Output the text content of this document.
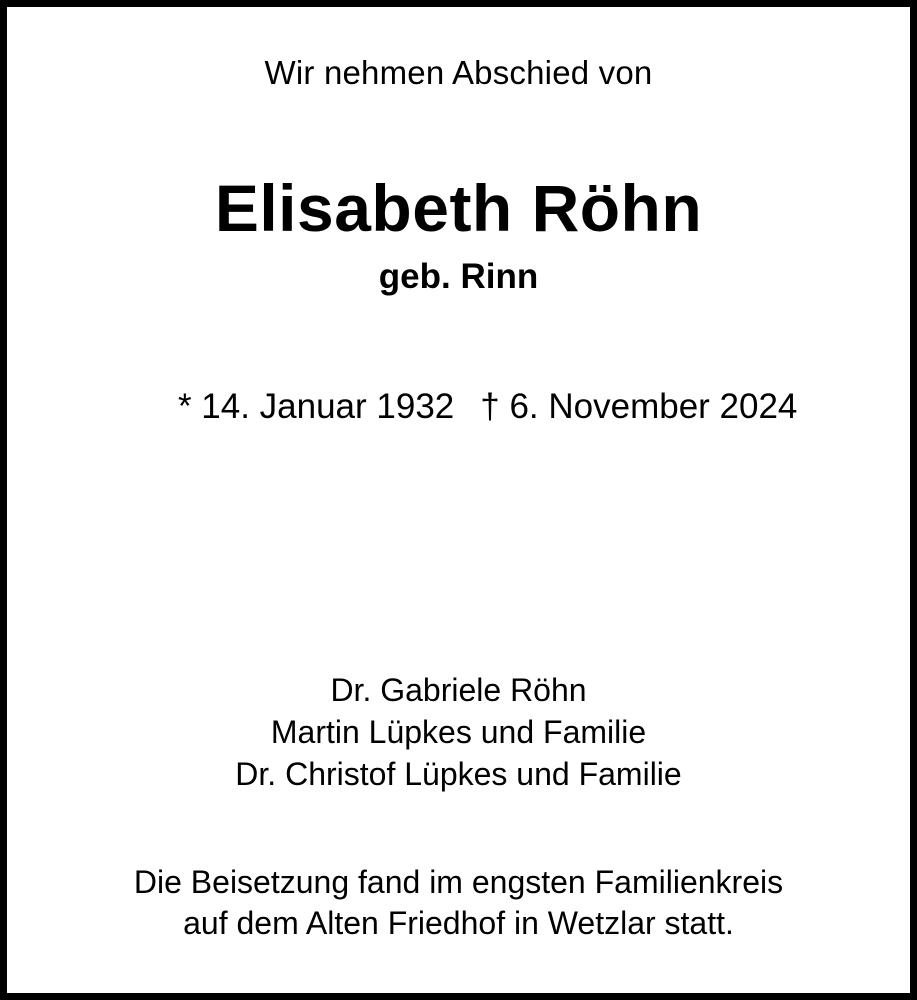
Wir nehmen Abschied von
Elisabeth Röhn
geb. Rinn

* 14. Januar 1932 † 6. November 2024

Dr. Gabriele Röhn
Martin Lüpkes und Familie
Dr. Christof Lüpkes und Familie
Die Beisetzung fand im engsten Familienkreis
auf dem Alten Friedhof in Wetzlar statt.
